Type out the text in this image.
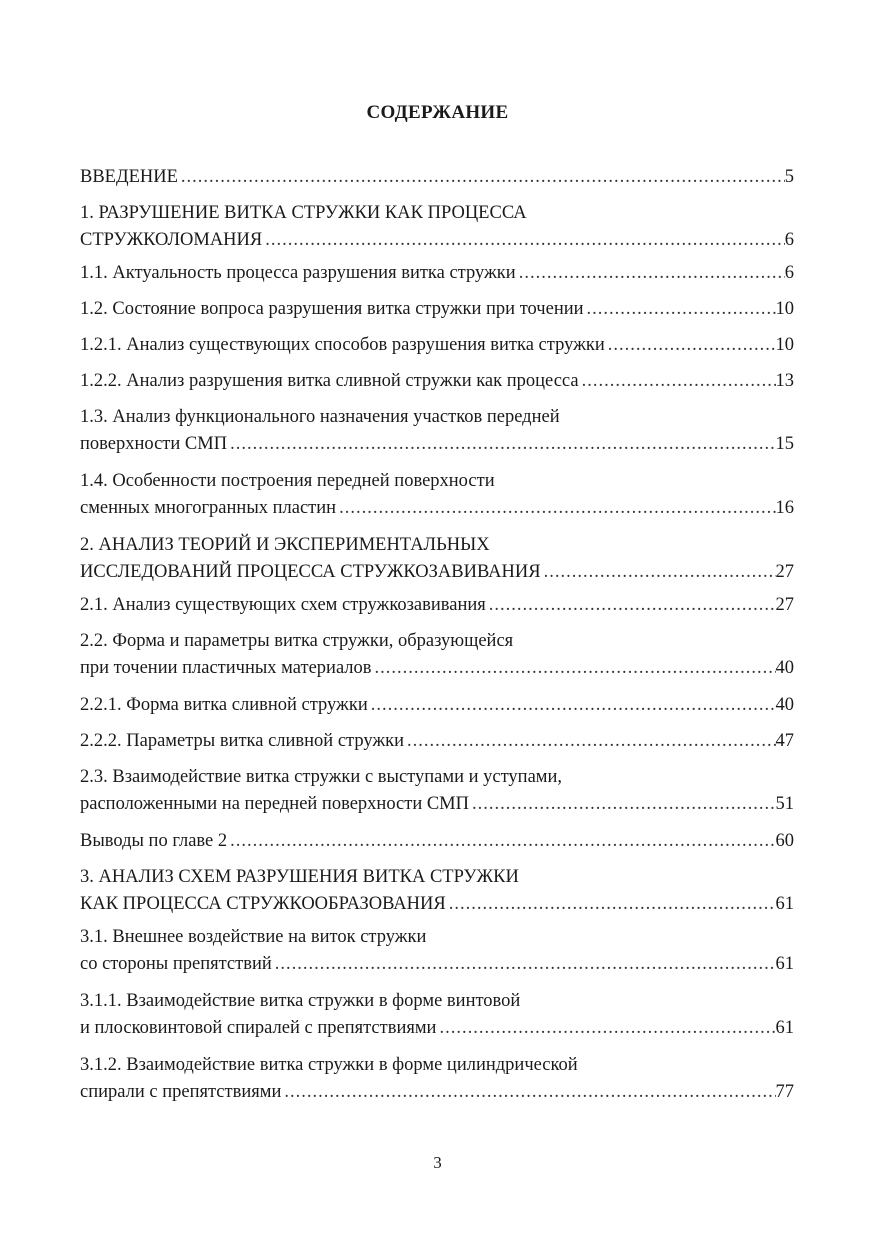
СОДЕРЖАНИЕ
ВВЕДЕНИЕ .....	5
1. РАЗРУШЕНИЕ ВИТКА СТРУЖКИ КАК ПРОЦЕССА
СТРУЖКОЛОМАНИЯ .....	6
1.1. Актуальность процесса разрушения витка стружки .....	6
1.2. Состояние вопроса разрушения витка стружки при точении .....	10
1.2.1. Анализ существующих способов разрушения витка стружки .....	10
1.2.2. Анализ разрушения витка сливной стружки как процесса .....	13
1.3. Анализ функционального назначения участков передней
поверхности СМП .....	15
1.4. Особенности построения передней поверхности
сменных многогранных пластин .....	16
2. АНАЛИЗ ТЕОРИЙ И ЭКСПЕРИМЕНТАЛЬНЫХ
ИССЛЕДОВАНИЙ ПРОЦЕССА СТРУЖКОЗАВИВАНИЯ .....	27
2.1. Анализ существующих схем стружкозавивания .....	27
2.2. Форма и параметры витка стружки, образующейся
при точении пластичных материалов .....	40
2.2.1. Форма витка сливной стружки .....	40
2.2.2. Параметры витка сливной стружки .....	47
2.3. Взаимодействие витка стружки с выступами и уступами,
расположенными на передней поверхности СМП .....	51
Выводы по главе 2 .....	60
3. АНАЛИЗ СХЕМ РАЗРУШЕНИЯ ВИТКА СТРУЖКИ
КАК ПРОЦЕССА СТРУЖКООБРАЗОВАНИЯ .....	61
3.1. Внешнее воздействие на виток стружки
со стороны препятствий .....	61
3.1.1. Взаимодействие витка стружки в форме винтовой
и плосковинтовой спиралей с препятствиями .....	61
3.1.2. Взаимодействие витка стружки в форме цилиндрической
спирали с препятствиями .....	77
3
